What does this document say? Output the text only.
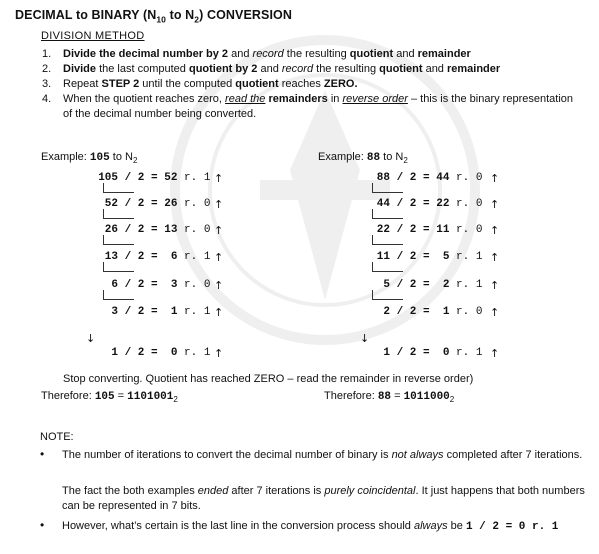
DECIMAL to BINARY ($N_{10}$ to $N_2$) CONVERSION
DIVISION METHOD
1. Divide the decimal number by 2 and record the resulting quotient and remainder
2. Divide the last computed quotient by 2 and record the resulting quotient and remainder
3. Repeat STEP 2 until the computed quotient reaches ZERO.
4. When the quotient reaches zero, read the remainders in reverse order – this is the binary representation of the decimal number being converted.
Example: 105 to $N_2$
105 / 2 = 52 r. 1 ↑
52 / 2 = 26 r. 0 ↑
26 / 2 = 13 r. 0 ↑
13 / 2 =  6 r. 1 ↑
6 / 2 =  3 r. 0 ↑
3 / 2 =  1 r. 1 ↑
1 / 2 =  0 r. 1 ↑
↓
Therefore: $105 = 1101001_2$
Example: 88 to $N_2$
88 / 2 = 44 r. 0 ↑
44 / 2 = 22 r. 0 ↑
22 / 2 = 11 r. 0 ↑
11 / 2 =  5 r. 1 ↑
5 / 2 =  2 r. 1 ↑
2 / 2 =  1 r. 0 ↑
1 / 2 =  0 r. 1 ↑
↓
Therefore: $88 = 1011000_2$
Stop converting. Quotient has reached ZERO – read the remainder in reverse order)
NOTE:
• The number of iterations to convert the decimal number of binary is not always completed after 7 iterations.
The fact the both examples ended after 7 iterations is purely coincidental. It just happens that both numbers can be represented in 7 bits.
• However, what’s certain is the last line in the conversion process should always be 1 / 2 = 0 r. 1
